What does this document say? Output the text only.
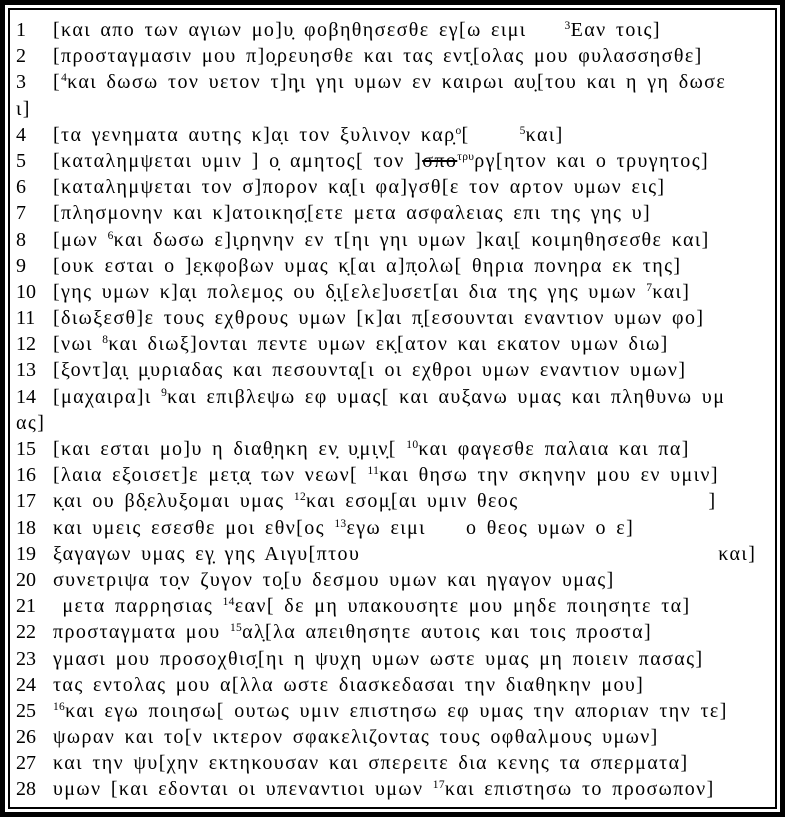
1 [και απο των αγιων μο]υ̣ φοβηθησεσθε εγ[ω ειμι	$^3$Εαν τοις]
2 [προσταγμασιν μου π]ο̣ρευησθε και τας εντ̣[ολας μου φυλασσησθε]
3 [$^4$και δωσω τον υετον τ]η̣ι γηι υμων εν καιρωι αυ̣[του και η γη δωσε
ι]
4 [τα γενηματα αυτης κ]α̣ι τον ξυλινο̣ν καρ̣$^o$[	$^5$και]
5 [καταλημψεται υμιν ] ο̣ αμητος[ τον ]σπο$^{\tau\rho\upsilon}$ργ[ητον και ο τρυγητος]
6 [καταλημψεται τον σ]πορον κα̣[ι φα]γσθ[ε τον αρτον υμων εις]
7 [πλησμονην και κ]ατοικησ̣[ετε μετα ασφαλειας επι της γης υ]
8 [μων $^6$και δωσω ε]ι̣ρηνην εν τ[ηι γηι υμων ]και̣[ κοιμηθησεσθε και]
9 [ουκ εσται ο ]ε̣κφοβων υμας κ̣[αι α]π̣ολω[ θηρια πονηρα εκ της]
10 [γης υμων κ]α̣ι πολεμο̣ς ου δ̣ι̣[ελε]υσετ[αι δια της γης υμων $^7$και]
11 [διωξεσθ]ε τους εχθρους υμων [κ]αι π̣[εσουνται εναντιον υμων φο]
12 [νωι $^8$και διωξ]ονται πεντε υμων εκ̣[ατον και εκατον υμων διω]
13 [ξοντ]α̣ι̣ μ̣υριαδας και πεσουντα̣[ι οι εχθροι υμων εναντιον υμων]
14 [μαχαιρα]ι $^9$και επιβλεψω εφ υμας[ και αυξανω υμας και πληθυνω υμ
ας]
15 [και εσται μο]υ η διαθ̣ηκη εν̣ υ̣μι̣ν̣[ $^{10}$και φαγεσθε παλαια και πα]
16 [λαια εξοισετ]ε μετ̣α̣ των νεων[ $^{11}$και θησω την σκηνην μου εν υμιν]
17 κ̣αι ου βδ̣ελυξομαι υμας $^{12}$και εσομ̣[αι υμιν θεος	]
18 και υμεις εσεσθε μοι εθν[ος $^{13}$εγω ειμι ο θεος υμων ο ε]
19 ξαγαγων υμας εγ̣ γης Αιγυ[πτου	και]
20 συνετριψα το̣ν ζυγον το̣[υ δεσμου υμων και ηγαγον υμας]
21 μετα παρρησιας $^{14}$εαν[ δε μη υπακουσητε μου μηδε ποιησητε τα]
22 προσταγματα μου $^{15}$αλ̣[λα απειθησητε αυτοις και τοις προστα]
23 γμασι μου προσοχθισ̣[ηι η ψυχη υμων ωστε υμας μη ποιειν πασας]
24 τας εντολας μου α[λλα ωστε διασκεδασαι την διαθηκην μου]
25 $^{16}$και εγω ποιησω[ ουτως υμιν επιστησω εφ υμας την αποριαν την τε]
26 ψωραν και το[ν ικτερον σφακελιζοντας τους οφθαλμους υμων]
27 και την ψυ[χην εκτηκουσαν και σπερειτε δια κενης τα σπερματα]
28 υμων [και εδονται οι υπεναντιοι υμων $^{17}$και επιστησω το προσωπον]
